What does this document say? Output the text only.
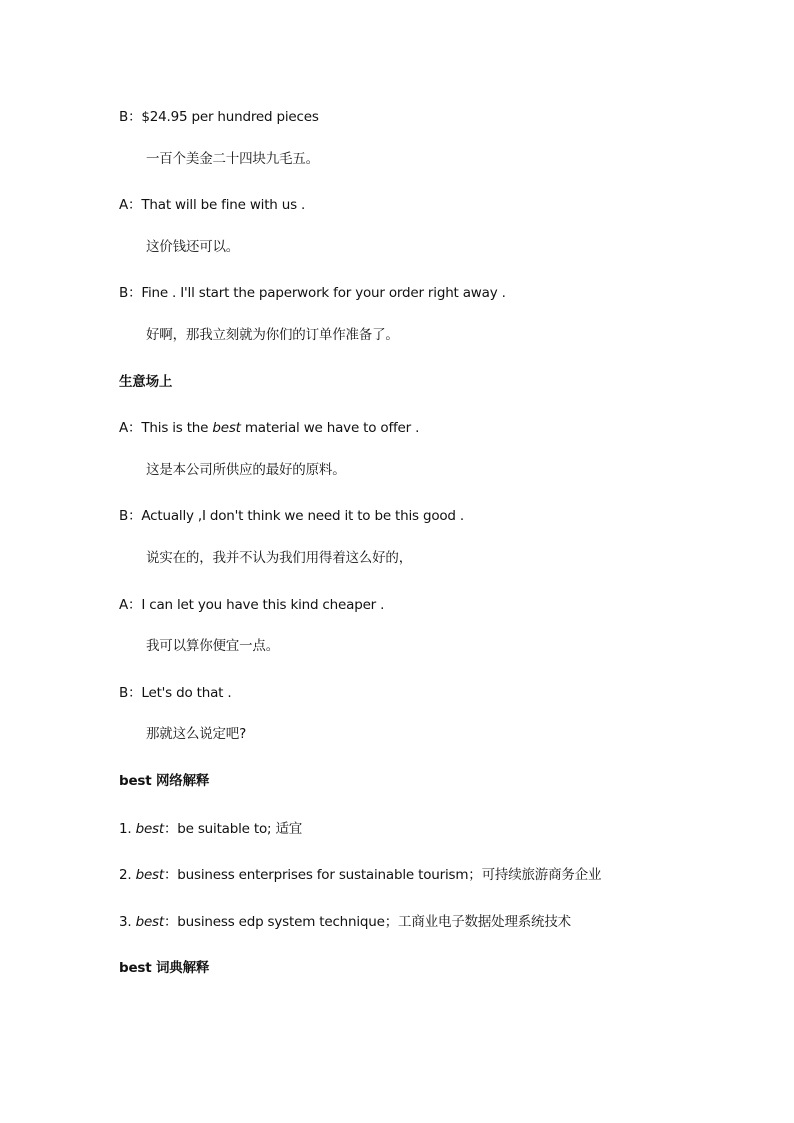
B：$24.95 per hundred pieces
一百个美金二十四块九毛五。
A：That will be fine with us .
这价钱还可以。
B：Fine . I'll start the paperwork for your order right away .
好啊，那我立刻就为你们的订单作准备了。
生意场上
A：This is the best material we have to offer .
这是本公司所供应的最好的原料。
B：Actually ,I don't think we need it to be this good .
说实在的，我并不认为我们用得着这么好的，
A：I can let you have this kind cheaper .
我可以算你便宜一点。
B：Let's do that .
那就这么说定吧?
best 网络解释
1. best：be suitable to; 适宜
2. best：business enterprises for sustainable tourism；可持续旅游商务企业
3. best：business edp system technique；工商业电子数据处理系统技术
best 词典解释
